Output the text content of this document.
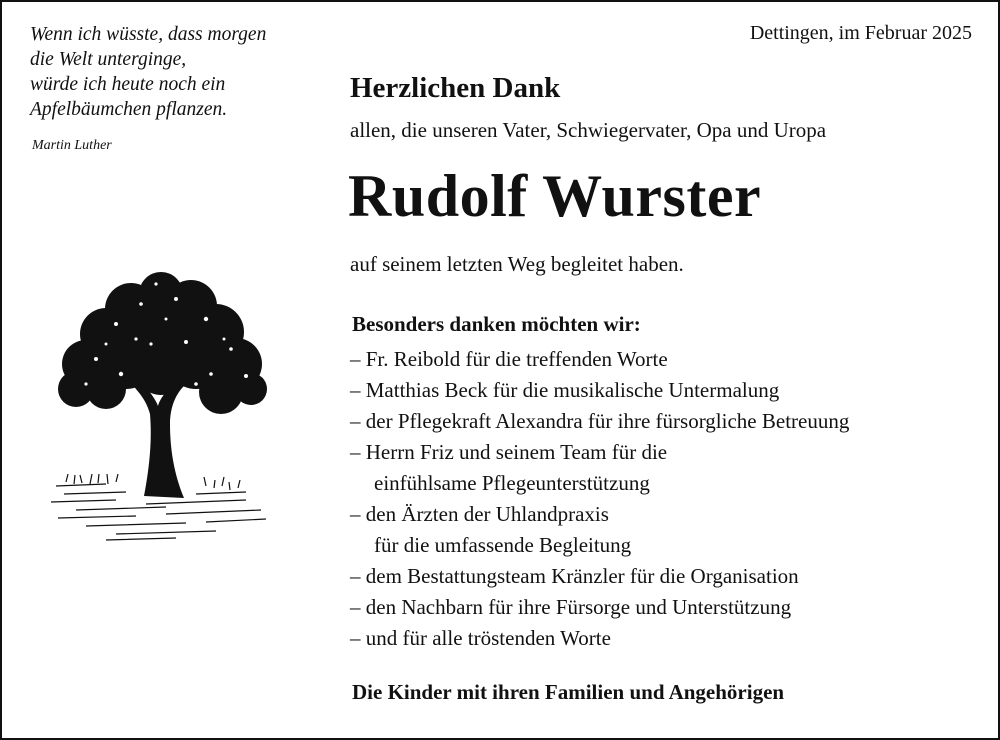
Wenn ich wüsste, dass morgen
die Welt unterginge,
würde ich heute noch ein
Apfelbäumchen pflanzen.
Martin Luther
Dettingen, im Februar 2025
Herzlichen Dank
allen, die unseren Vater, Schwiegervater, Opa und Uropa
Rudolf Wurster
auf seinem letzten Weg begleitet haben.
Besonders danken möchten wir:
– Fr. Reibold für die treffenden Worte
– Matthias Beck für die musikalische Untermalung
– der Pflegekraft Alexandra für ihre fürsorgliche Betreuung
– Herrn Friz und seinem Team für die
einfühlsame Pflegeunterstützung
– den Ärzten der Uhlandpraxis
für die umfassende Begleitung
– dem Bestattungsteam Kränzler für die Organisation
– den Nachbarn für ihre Fürsorge und Unterstützung
– und für alle tröstenden Worte
Die Kinder mit ihren Familien und Angehörigen
